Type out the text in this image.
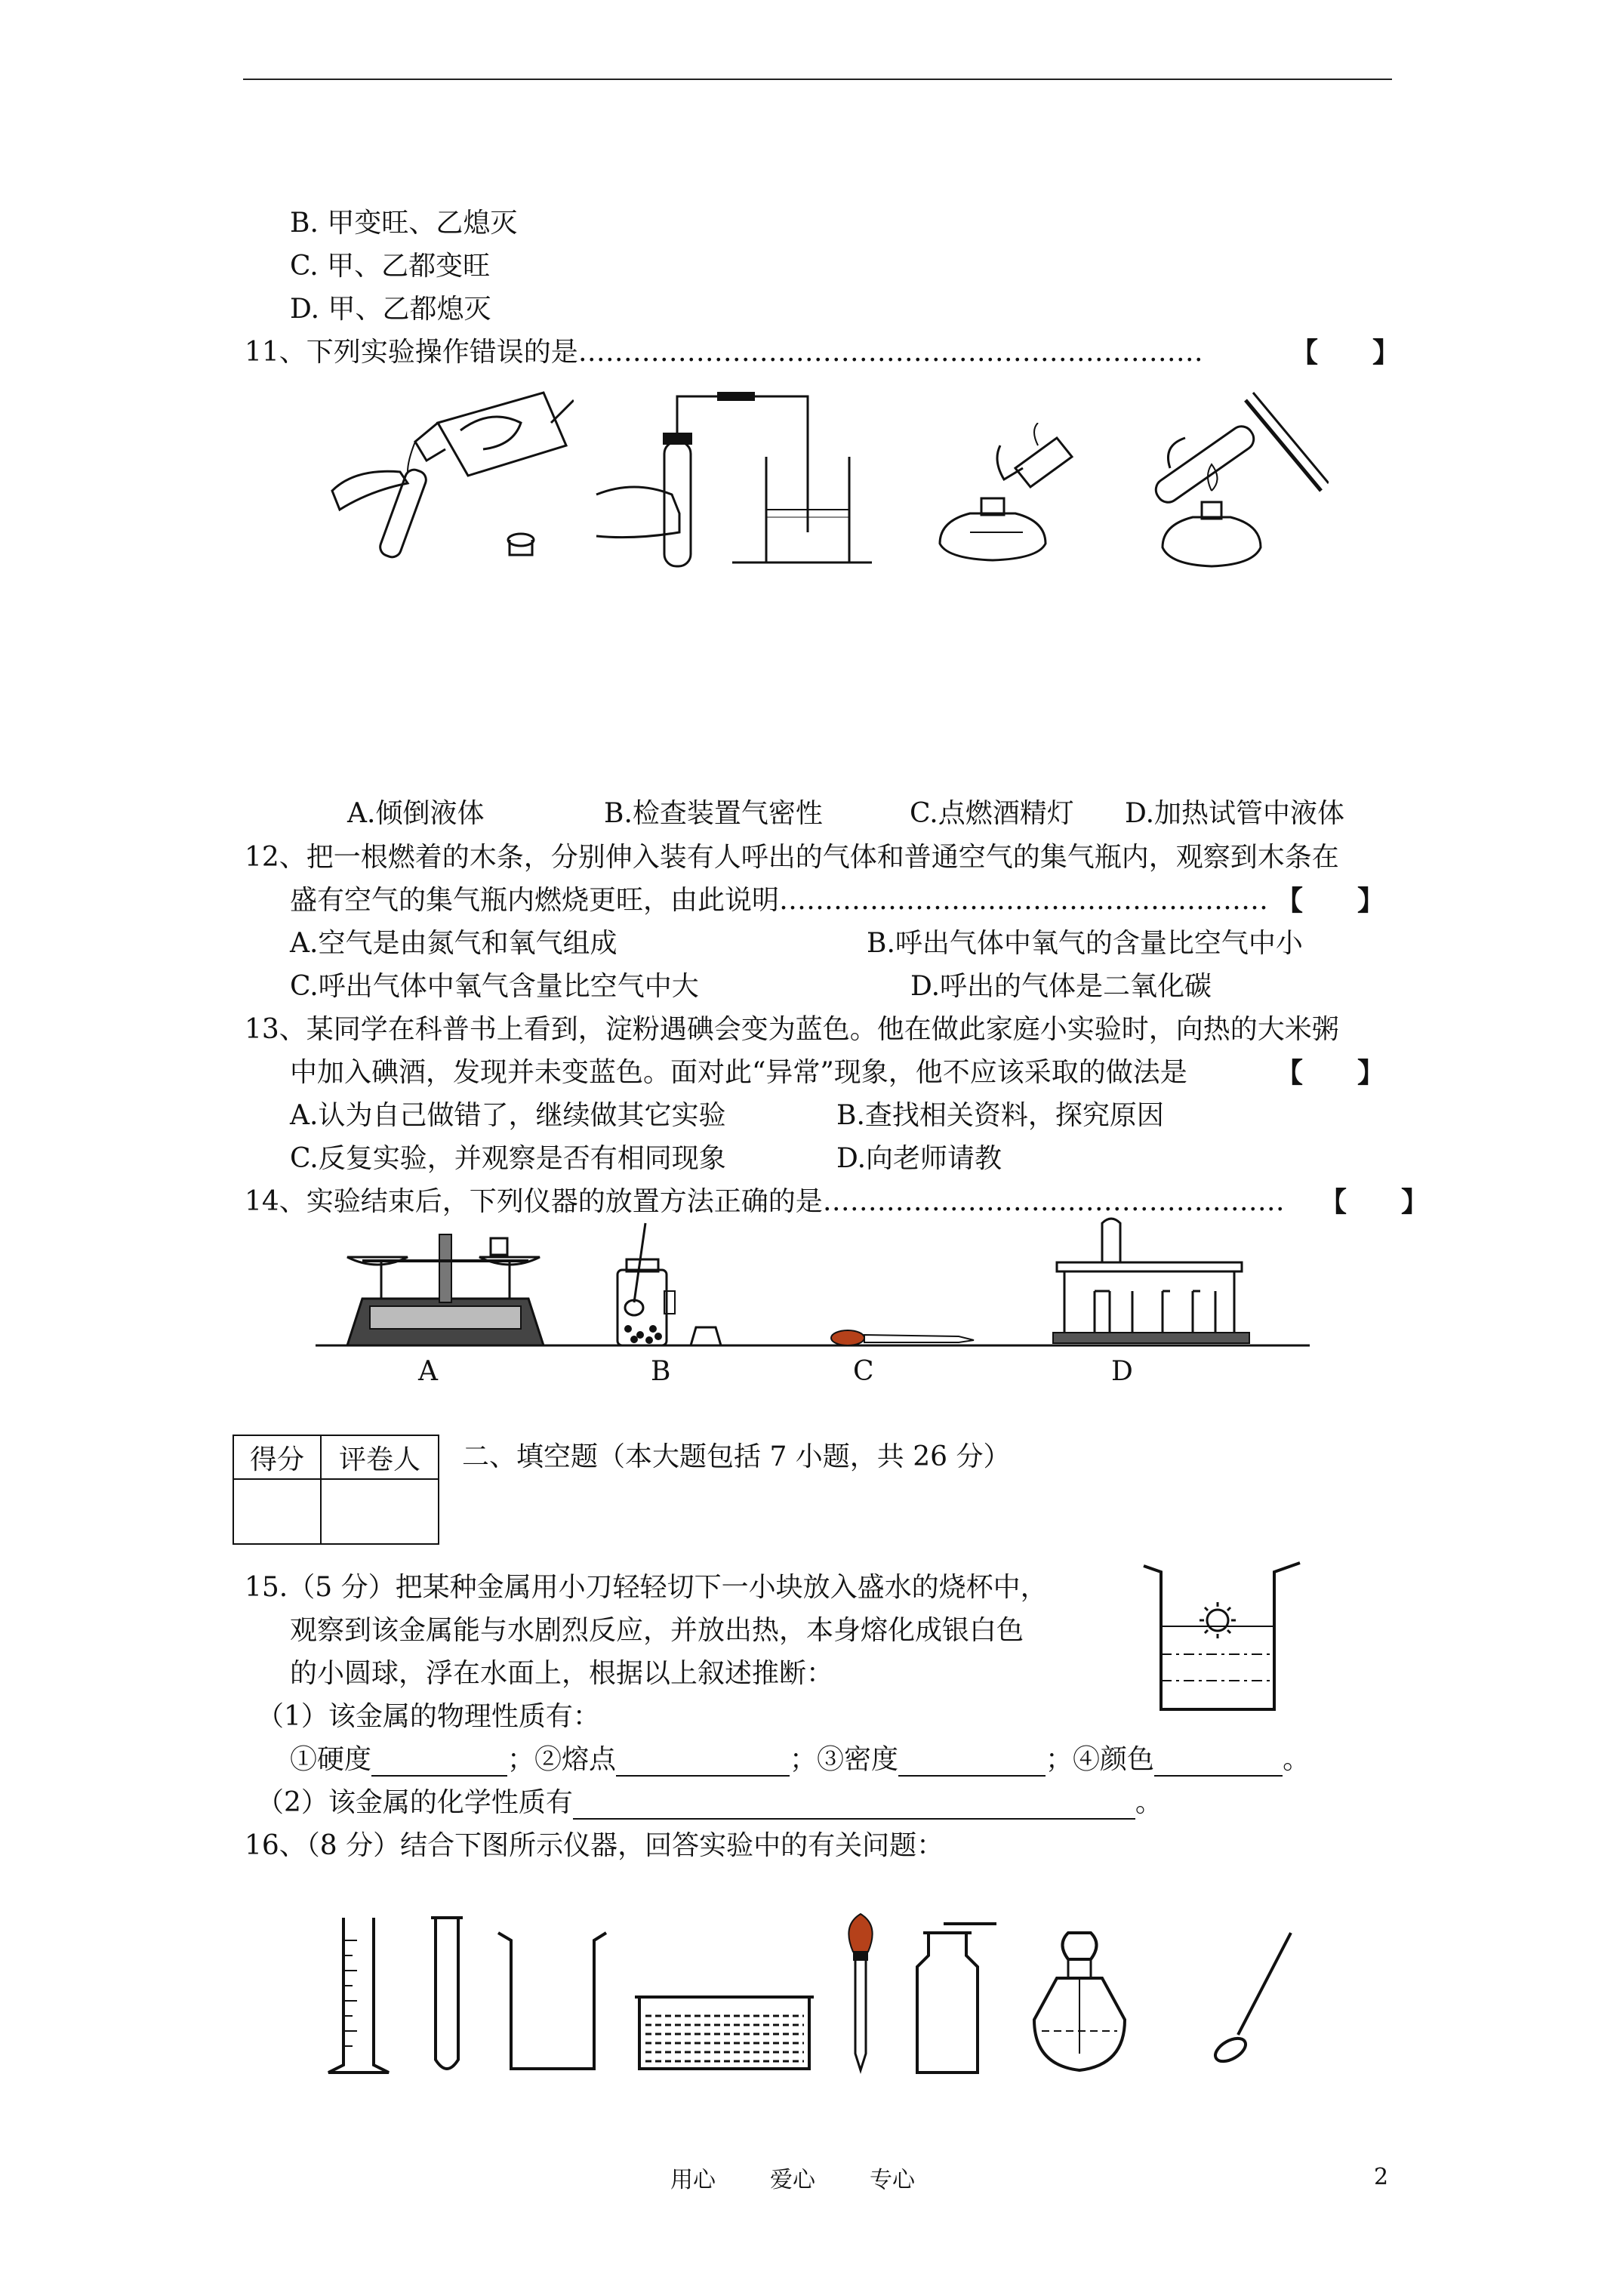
B. 甲变旺、乙熄灭
C. 甲、乙都变旺
D. 甲、乙都熄灭
11、下列实验操作错误的是……………………………………………………………	【　　】
A.倾倒液体	B.检查装置气密性	C.点燃酒精灯 D.加热试管中液体
12、把一根燃着的木条，分别伸入装有人呼出的气体和普通空气的集气瓶内，观察到木条在
盛有空气的集气瓶内燃烧更旺，由此说明……………………………………………… 【　　】
A.空气是由氮气和氧气组成	B.呼出气体中氧气的含量比空气中小
C.呼出气体中氧气含量比空气中大	D.呼出的气体是二氧化碳
13、某同学在科普书上看到，淀粉遇碘会变为蓝色。他在做此家庭小实验时，向热的大米粥
中加入碘酒，发现并未变蓝色。面对此“异常”现象，他不应该采取的做法是	【　　】
A.认为自己做错了，继续做其它实验	B.查找相关资料，探究原因
C.反复实验，并观察是否有相同现象	D.向老师请教
14、实验结束后，下列仪器的放置方法正确的是…………………………………………… 【　　】
A	B	C	D
得分	评卷人
	二、填空题（本大题包括 7 小题，共 26 分）
15.（5 分）把某种金属用小刀轻轻切下一小块放入盛水的烧杯中，
观察到该金属能与水剧烈反应，并放出热，本身熔化成银白色
的小圆球，浮在水面上，根据以上叙述推断：
（1）该金属的物理性质有：
①硬度	；②熔点	；③密度	；④颜色	。
（2）该金属的化学性质有	。
16、（8 分）结合下图所示仪器，回答实验中的有关问题：
用心 爱心 专心	2
